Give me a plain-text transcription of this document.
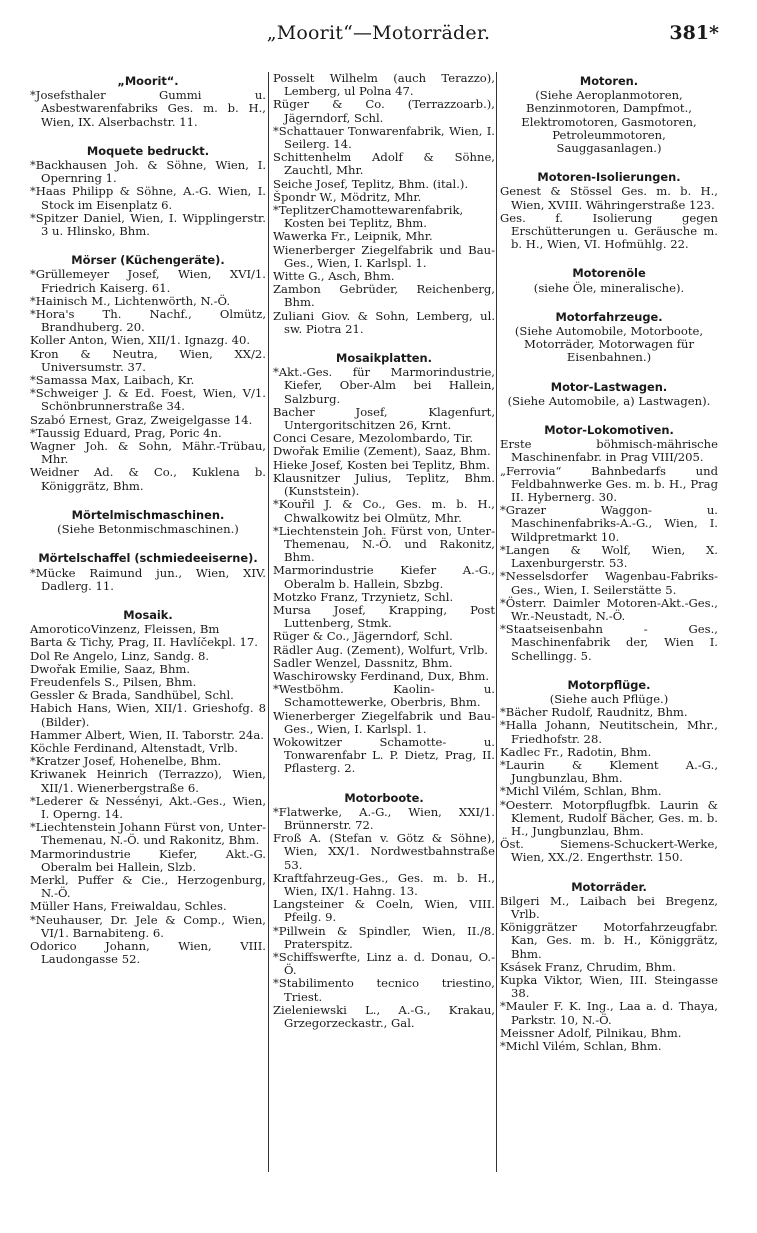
„Moorit“—Motorräder.	381*
„Moorit“.
*Josefsthaler Gummi u. Asbestwarenfabriks Ges. m. b. H., Wien, IX. Alserbachstr. 11.
Moquete bedruckt.
*Backhausen Joh. & Söhne, Wien, I. Opernring 1.
*Haas Philipp & Söhne, A.-G. Wien, I. Stock im Eisenplatz 6.
*Spitzer Daniel, Wien, I. Wipplingerstr. 3 u. Hlinsko, Bhm.
Mörser (Küchengeräte).
*Grüllemeyer Josef, Wien, XVI/1. Friedrich Kaiserg. 61.
*Hainisch M., Lichtenwörth, N.-Ö.
*Hora's Th. Nachf., Olmütz, Brandhuberg. 20.
Koller Anton, Wien, XII/1. Ignazg. 40.
Kron & Neutra, Wien, XX/2. Universumstr. 37.
*Samassa Max, Laibach, Kr.
*Schweiger J. & Ed. Foest, Wien, V/1. Schönbrunnerstraße 34.
Szabó Ernest, Graz, Zweigelgasse 14.
*Taussig Eduard, Prag, Poric 4n.
Wagner Joh. & Sohn, Mähr.-Trübau, Mhr.
Weidner Ad. & Co., Kuklena b. Königgrätz, Bhm.
Mörtelmischmaschinen.
(Siehe Betonmischmaschinen.)
Mörtelschaffel (schmiedeeiserne).
*Mücke Raimund jun., Wien, XIV. Dadlerg. 11.
Mosaik.
AmoroticoVinzenz, Fleissen, Bm
Barta & Tichy, Prag, II. Havlíčekpl. 17.
Dol Re Angelo, Linz, Sandg. 8.
Dwořak Emilie, Saaz, Bhm.
Freudenfels S., Pilsen, Bhm.
Gessler & Brada, Sandhübel, Schl.
Habich Hans, Wien, XII/1. Grieshofg. 8 (Bilder).
Hammer Albert, Wien, II. Taborstr. 24a.
Köchle Ferdinand, Altenstadt, Vrlb.
*Kratzer Josef, Hohenelbe, Bhm.
Kriwanek Heinrich (Terrazzo), Wien, XII/1. Wienerbergstraße 6.
*Lederer & Nessényi, Akt.-Ges., Wien, I. Operng. 14.
*Liechtenstein Johann Fürst von, Unter-Themenau, N.-Ö. und Rakonitz, Bhm.
Marmorindustrie Kiefer, Akt.-G. Oberalm bei Hallein, Slzb.
Merkl, Puffer & Cie., Herzogenburg, N.-Ö.
Müller Hans, Freiwaldau, Schles.
*Neuhauser, Dr. Jele & Comp., Wien, VI/1. Barnabiteng. 6.
Odorico Johann, Wien, VIII. Laudongasse 52.
Posselt Wilhelm (auch Terazzo), Lemberg, ul Polna 47.
Rüger & Co. (Terrazzoarb.), Jägerndorf, Schl.
*Schattauer Tonwarenfabrik, Wien, I. Seilerg. 14.
Schittenhelm Adolf & Söhne, Zauchtl, Mhr.
Seiche Josef, Teplitz, Bhm. (ital.).
Špondr W., Mödritz, Mhr.
*TeplitzerChamottewarenfabrik, Kosten bei Teplitz, Bhm.
Wawerka Fr., Leipnik, Mhr.
Wienerberger Ziegelfabrik und Bau-Ges., Wien, I. Karlspl. 1.
Witte G., Asch, Bhm.
Zambon Gebrüder, Reichenberg, Bhm.
Zuliani Giov. & Sohn, Lemberg, ul. sw. Piotra 21.
Mosaikplatten.
*Akt.-Ges. für Marmorindustrie, Kiefer, Ober-Alm bei Hallein, Salzburg.
Bacher Josef, Klagenfurt, Untergoritschitzen 26, Krnt.
Conci Cesare, Mezolombardo, Tir.
Dwořak Emilie (Zement), Saaz, Bhm.
Hieke Josef, Kosten bei Teplitz, Bhm.
Klausnitzer Julius, Teplitz, Bhm. (Kunststein).
*Kouřil J. & Co., Ges. m. b. H., Chwalkowitz bei Olmütz, Mhr.
*Liechtenstein Joh. Fürst von, Unter-Themenau, N.-Ö. und Rakonitz, Bhm.
Marmorindustrie Kiefer A.-G., Oberalm b. Hallein, Sbzbg.
Motzko Franz, Trzynietz, Schl.
Mursa Josef, Krapping, Post Luttenberg, Stmk.
Rüger & Co., Jägerndorf, Schl.
Rädler Aug. (Zement), Wolfurt, Vrlb.
Sadler Wenzel, Dassnitz, Bhm.
Waschirowsky Ferdinand, Dux, Bhm.
*Westböhm. Kaolin- u. Schamottewerke, Oberbris, Bhm.
Wienerberger Ziegelfabrik und Bau-Ges., Wien, I. Karlspl. 1.
Wokowitzer Schamotte- u. Tonwarenfabr L. P. Dietz, Prag, II. Pflasterg. 2.
Motorboote.
*Flatwerke, A.-G., Wien, XXI/1. Brünnerstr. 72.
Froß A. (Stefan v. Götz & Söhne), Wien, XX/1. Nordwestbahnstraße 53.
Kraftfahrzeug-Ges., Ges. m. b. H., Wien, IX/1. Hahng. 13.
Langsteiner & Coeln, Wien, VIII. Pfeilg. 9.
*Pillwein & Spindler, Wien, II./8. Praterspitz.
*Schiffswerfte, Linz a. d. Donau, O.-Ö.
*Stabilimento tecnico triestino, Triest.
Zieleniewski L., A.-G., Krakau, Grzegorzeckastr., Gal.
Motoren.
(Siehe Aeroplanmotoren, Benzinmotoren, Dampfmot., Elektromotoren, Gasmotoren, Petroleummotoren, Sauggasanlagen.)
Motoren-Isolierungen.
Genest & Stössel Ges. m. b. H., Wien, XVIII. Währingerstraße 123.
Ges. f. Isolierung gegen Erschütterungen u. Geräusche m. b. H., Wien, VI. Hofmühlg. 22.
Motorenöle
(siehe Öle, mineralische).
Motorfahrzeuge.
(Siehe Automobile, Motorboote, Motorräder, Motorwagen für Eisenbahnen.)
Motor-Lastwagen.
(Siehe Automobile, a) Lastwagen).
Motor-Lokomotiven.
Erste böhmisch-mährische Maschinenfabr. in Prag VIII/205.
„Ferrovia“ Bahnbedarfs und Feldbahnwerke Ges. m. b. H., Prag II. Hybernerg. 30.
*Grazer Waggon- u. Maschinenfabriks-A.-G., Wien, I. Wildpretmarkt 10.
*Langen & Wolf, Wien, X. Laxenburgerstr. 53.
*Nesselsdorfer Wagenbau-Fabriks-Ges., Wien, I. Seilerstätte 5.
*Österr. Daimler Motoren-Akt.-Ges., Wr.-Neustadt, N.-Ö.
*Staatseisenbahn - Ges., Maschinenfabrik der, Wien I. Schellingg. 5.
Motorpflüge.
(Siehe auch Pflüge.)
*Bächer Rudolf, Raudnitz, Bhm.
*Halla Johann, Neutitschein, Mhr., Friedhofstr. 28.
Kadlec Fr., Radotin, Bhm.
*Laurin & Klement A.-G., Jungbunzlau, Bhm.
*Michl Vilém, Schlan, Bhm.
*Oesterr. Motorpflugfbk. Laurin & Klement, Rudolf Bächer, Ges. m. b. H., Jungbunzlau, Bhm.
Öst. Siemens-Schuckert-Werke, Wien, XX./2. Engerthstr. 150.
Motorräder.
Bilgeri M., Laibach bei Bregenz, Vrlb.
Königgrätzer Motorfahrzeugfabr. Kan, Ges. m. b. H., Königgrätz, Bhm.
Ksásek Franz, Chrudim, Bhm.
Kupka Viktor, Wien, III. Steingasse 38.
*Mauler F. K. Ing., Laa a. d. Thaya, Parkstr. 10, N.-Ö.
Meissner Adolf, Pilnikau, Bhm.
*Michl Vilém, Schlan, Bhm.
